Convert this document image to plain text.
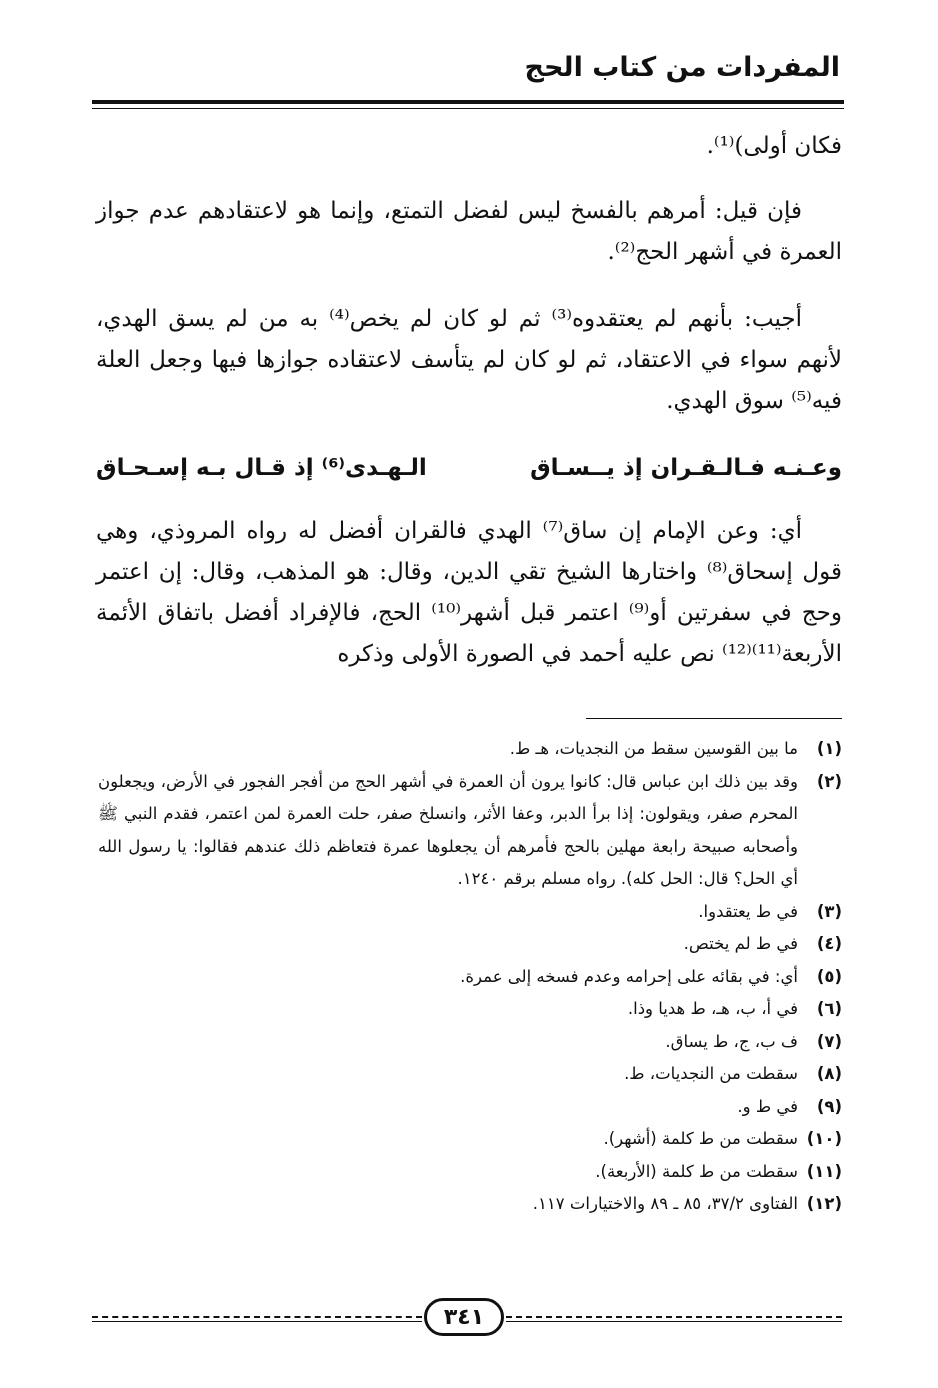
المفردات من كتاب الحج

فكان أولى)⁽¹⁾.

فإن قيل: أمرهم بالفسخ ليس لفضل التمتع، وإنما هو لاعتقادهم عدم جواز العمرة في أشهر الحج⁽²⁾.

أجيب: بأنهم لم يعتقدوه⁽³⁾ ثم لو كان لم يخص⁽⁴⁾ به من لم يسق الهدي، لأنهم سواء في الاعتقاد، ثم لو كان لم يتأسف لاعتقاده جوازها فيها وجعل العلة فيه⁽⁵⁾ سوق الهدي.

وعـنـه فـالـقـران إذ يــسـاق
الـهـدى⁽⁶⁾ إذ قـال بـه إسـحـاق

أي: وعن الإمام إن ساق⁽⁷⁾ الهدي فالقران أفضل له رواه المروذي، وهي قول إسحاق⁽⁸⁾ واختارها الشيخ تقي الدين، وقال: هو المذهب، وقال: إن اعتمر وحج في سفرتين أو⁽⁹⁾ اعتمر قبل أشهر⁽¹⁰⁾ الحج، فالإفراد أفضل باتفاق الأئمة الأربعة⁽¹¹⁾⁽¹²⁾ نص عليه أحمد في الصورة الأولى وذكره

(١)
ما بين القوسين سقط من النجديات، هـ ط.
(٢)
وقد بين ذلك ابن عباس قال: كانوا يرون أن العمرة في أشهر الحج من أفجر الفجور في الأرض، ويجعلون المحرم صفر، ويقولون: إذا برأ الدبر، وعفا الأثر، وانسلخ صفر، حلت العمرة لمن اعتمر، فقدم النبي ﷺ وأصحابه صبيحة رابعة مهلين بالحج فأمرهم أن يجعلوها عمرة فتعاظم ذلك عندهم فقالوا: يا رسول الله أي الحل؟ قال: الحل كله). رواه مسلم برقم ١٢٤٠.
(٣)
في ط يعتقدوا.
(٤)
في ط لم يختص.
(٥)
أي: في بقائه على إحرامه وعدم فسخه إلى عمرة.
(٦)
في أ، ب، هـ، ط هديا وذا.
(٧)
ف ب، ج، ط يساق.
(٨)
سقطت من النجديات، ط.
(٩)
في ط و.
(١٠)
سقطت من ط كلمة (أشهر).
(١١)
سقطت من ط كلمة (الأربعة).
(١٢)
الفتاوى ٣٧/٢، ٨٥ ـ ٨٩ والاختيارات ١١٧.
٣٤١
